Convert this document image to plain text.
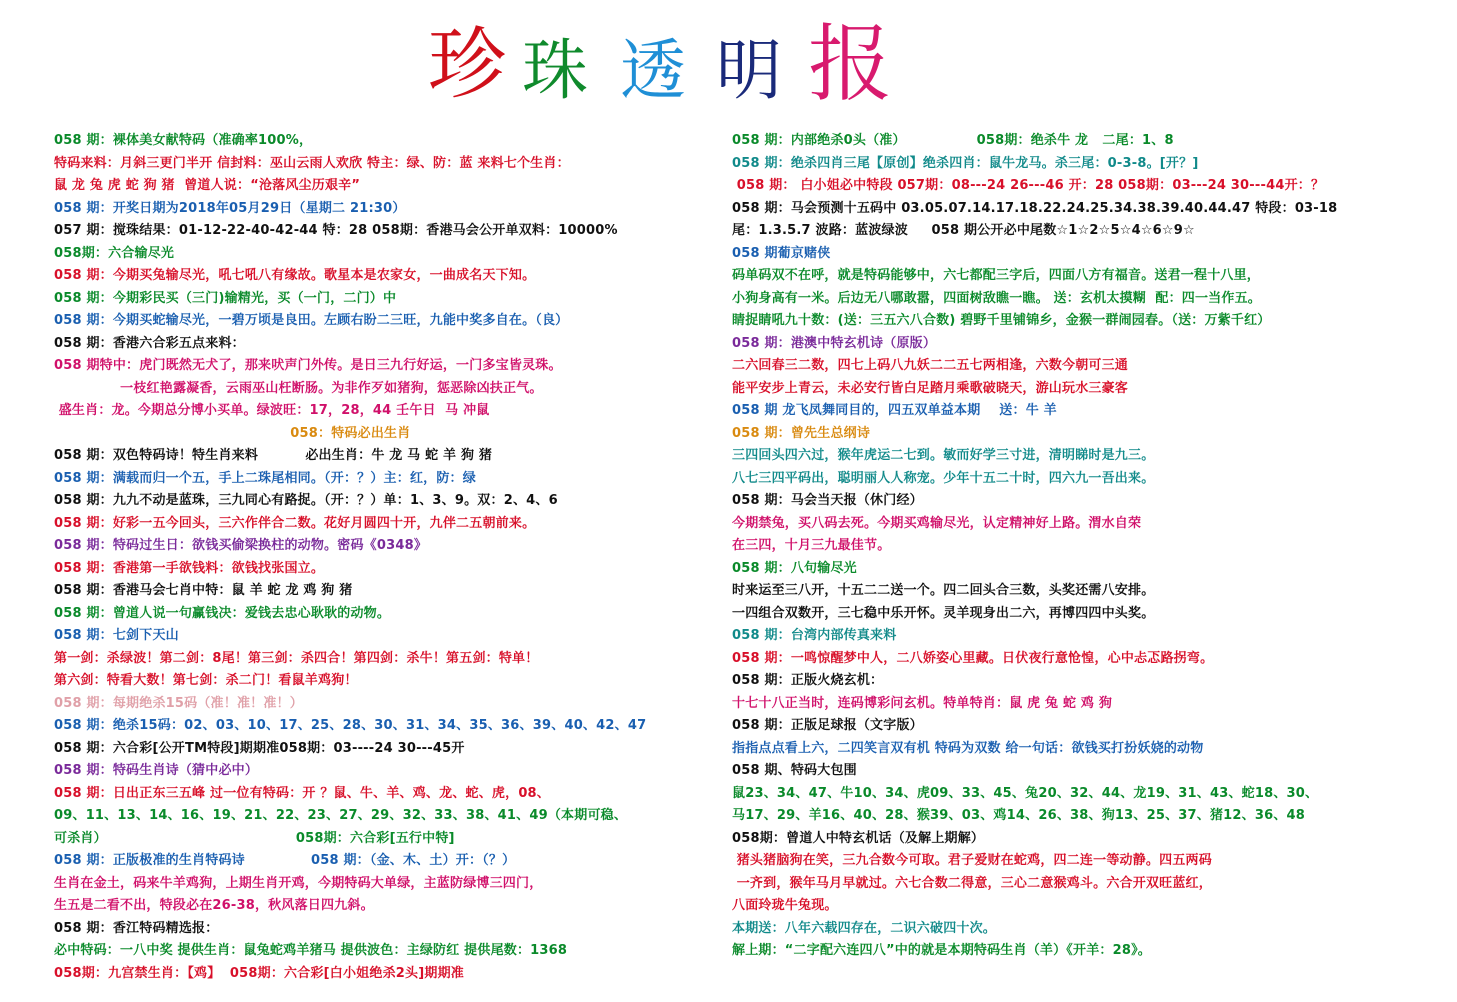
珍 珠 透 明 报
058 期：裸体美女献特码（准确率100%，
特码来料：月斜三更门半开 信封料：巫山云雨人欢欣 特主：绿、防：蓝 来料七个生肖：
鼠 龙 兔 虎 蛇 狗 猪  曾道人说：“沧落风尘历艰辛”
058 期：开奖日期为2018年05月29日（星期二 21:30）
057 期：搅珠结果：01-12-22-40-42-44 特：28 058期：香港马会公开单双料：10000%
058期：六合输尽光
058 期：今期买兔输尽光，吼七吼八有缘故。歌星本是农家女，一曲成名天下知。
058 期：今期彩民买（三门)输精光，买（一门，二门）中
058 期：今期买蛇输尽光，一碧万顷是良田。左顾右盼二三旺，九能中奖多自在。（良）
058 期：香港六合彩五点来料：
058 期特中：虎门既然无犬了，那来吠声门外传。是日三九行好运，一门多宝皆灵珠。
一枝红艳露凝香，云雨巫山枉断肠。为非作歹如猪狗，惩恶除凶扶正气。
盛生肖：龙。今期总分博小买单。绿波旺：17，28，44 壬午日  马 冲鼠
058：特码必出生肖
058 期：双色特码诗！特生肖来料          必出生肖：牛 龙 马 蛇 羊 狗 猪
058 期：满载而归一个五，手上二珠尾相同。（开：？）主：红，防：绿
058 期：九九不动是蓝珠，三九同心有路捉。（开：？）单：1、3、9。双：2、4、6
058 期：好彩一五今回头，三六作伴合二数。花好月圆四十开，九伴二五朝前来。
058 期：特码过生日：欲钱买偷梁换柱的动物。密码《0348》
058 期：香港第一手欲钱料：欲钱找张国立。
058 期：香港马会七肖中特：鼠 羊 蛇 龙 鸡 狗 猪
058 期：曾道人说一句赢钱决：爱钱去忠心耿耿的动物。
058 期：七剑下天山
第一剑：杀绿波！第二剑：8尾！第三剑：杀四合！第四剑：杀牛！第五剑：特单！
第六剑：特看大数！第七剑：杀二门！看鼠羊鸡狗！
058 期：每期绝杀15码（准！准！准！）
058 期：绝杀15码：02、03、10、17、25、28、30、31、34、35、36、39、40、42、47
058 期：六合彩[公开TM特段]期期准058期：03----24 30---45开
058 期：特码生肖诗（猜中必中）
058 期：日出正东三五峰 过一位有特码：开 ？鼠、牛、羊、鸡、龙、蛇、虎，08、
09、11、13、14、16、19、21、22、23、27、29、32、33、38、41、49（本期可稳、
可杀肖）                                        058期：六合彩[五行中特]
058 期：正版极准的生肖特码诗              058 期：（金、木、土）开：（？）
生肖在金土，码来牛羊鸡狗，上期生肖开鸡，今期特码大单绿，主蓝防绿博三四门，
生五是二看不出，特段必在26-38，秋风落日四九斜。
058 期：香江特码精选报：
必中特码：一八中奖 提供生肖：鼠兔蛇鸡羊猪马 提供波色：主绿防红 提供尾数：1368
058期：九宫禁生肖：【鸡】  058期：六合彩[白小姐绝杀2头]期期准
058 期：内部绝杀0头（准）               058期：绝杀牛 龙   二尾：1、8
058 期：绝杀四肖三尾【原创】绝杀四肖：鼠牛龙马。杀三尾：0-3-8。[开？]
058 期： 白小姐必中特段 057期：08---24 26---46 开：28 058期：03---24 30---44开：？
058 期：马会预测十五码中 03.05.07.14.17.18.22.24.25.34.38.39.40.44.47 特段：03-18
尾：1.3.5.7 波路：蓝波绿波     058 期公开必中尾数☆1☆2☆5☆4☆6☆9☆
058 期葡京赌侠
码单码双不在呼，就是特码能够中，六七都配三字后，四面八方有福音。送君一程十八里，
小狗身高有一米。后边无八哪敢嚣，四面树敌瞧一瞧。 送：玄机太摸糊  配：四一当作五。
睛捉睛吼九十数：(送：三五六八合数) 碧野千里铺锦乡，金猴一群闹园春。（送：万紫千红）
058 期：港澳中特玄机诗（原版）
二六回春三二数，四七上码八九妖二二五七两相逢，六数今朝可三通
能平安步上青云，未必安行皆白足踏月乘歌破晓天，游山玩水三豪客
058 期 龙飞凤舞同目的，四五双单益本期    送：牛 羊
058 期：曾先生总纲诗
三四回头四六过，猴年虎运二七到。敏而好学三寸进，清明睇时是九三。
八七三四平码出，聪明丽人人称宠。少年十五二十时，四六九一吾出来。
058 期：马会当天报（休门经）
今期禁兔，买八码去死。今期买鸡输尽光，认定精神好上路。渭水自荣
在三四，十月三九最佳节。
058 期：八句输尽光
时来运至三八开，十五二二送一个。四二回头合三数，头奖还需八安排。
一四组合双数开，三七稳中乐开怀。灵羊现身出二六，再博四四中头奖。
058 期：台湾内部传真来料
058 期：一鸣惊醒梦中人，二八娇姿心里藏。日伏夜行意怆惶，心中忐忑路拐弯。
058 期：正版火烧玄机：
十七十八正当时，连码博彩问玄机。特单特肖：鼠 虎 兔 蛇 鸡 狗
058 期：正版足球报（文字版）
指指点点看上六，二四笑言双有机 特码为双数 给一句话：欲钱买打扮妖娆的动物
058 期、特码大包围
鼠23、34、47、牛10、34、虎09、33、45、兔20、32、44、龙19、31、43、蛇18、30、
马17、29、羊16、40、28、猴39、03、鸡14、26、38、狗13、25、37、猪12、36、48
058期：曾道人中特玄机话（及解上期解）
猪头猪脑狗在笑，三九合数今可取。君子爱财在蛇鸡，四二连一等动静。四五两码
一齐到，猴年马月早就过。六七合数二得意，三心二意猴鸡斗。六合开双旺蓝红，
八面玲珑牛兔现。
本期送：八年六载四存在，二识六破四十次。
解上期：“二字配六连四八”中的就是本期特码生肖（羊）《开羊：28》。
